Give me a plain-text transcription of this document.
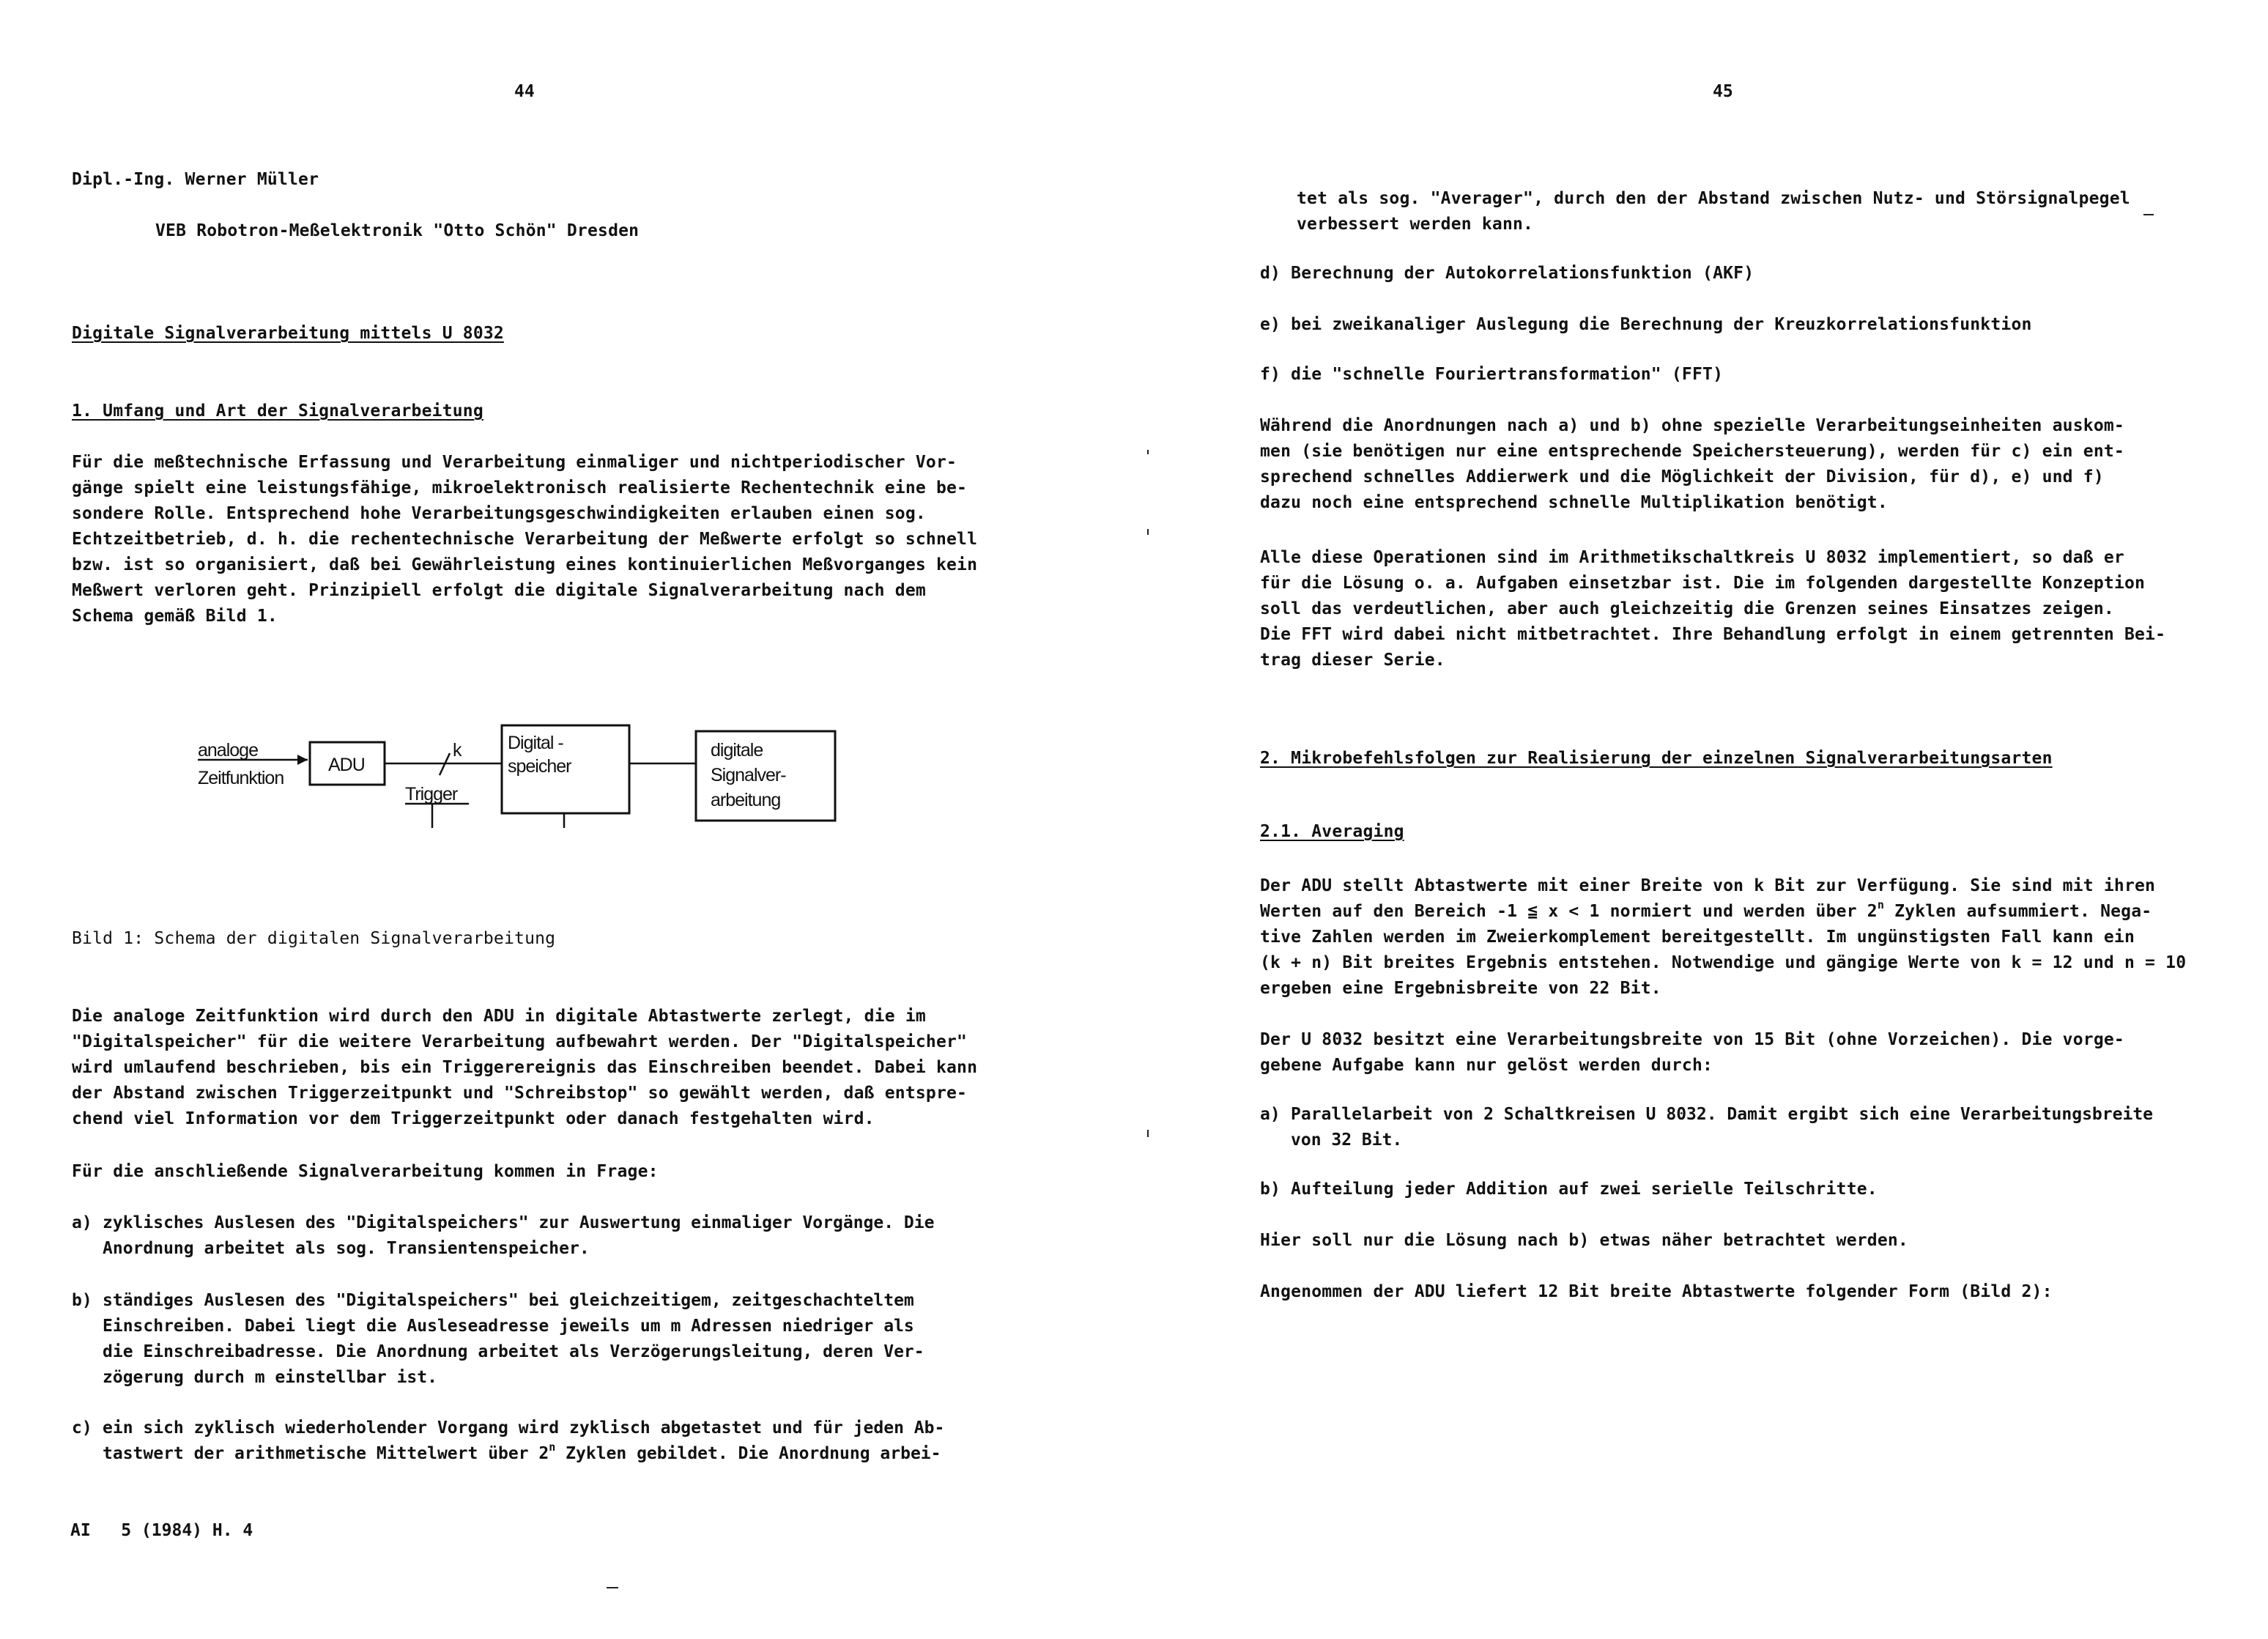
44
Dipl.-Ing. Werner Müller
VEB Robotron-Meßelektronik "Otto Schön" Dresden
Digitale Signalverarbeitung mittels U 8032
1. Umfang und Art der Signalverarbeitung
Für die meßtechnische Erfassung und Verarbeitung einmaliger und nichtperiodischer Vor-
gänge spielt eine leistungsfähige, mikroelektronisch realisierte Rechentechnik eine be-
sondere Rolle. Entsprechend hohe Verarbeitungsgeschwindigkeiten erlauben einen sog.
Echtzeitbetrieb, d. h. die rechentechnische Verarbeitung der Meßwerte erfolgt so schnell
bzw. ist so organisiert, daß bei Gewährleistung eines kontinuierlichen Meßvorganges kein
Meßwert verloren geht. Prinzipiell erfolgt die digitale Signalverarbeitung nach dem
Schema gemäß Bild 1.
analoge
Zeitfunktion
ADU
k
Trigger
Digital -
speicher
digitale
Signalver-
arbeitung
Bild 1: Schema der digitalen Signalverarbeitung
Die analoge Zeitfunktion wird durch den ADU in digitale Abtastwerte zerlegt, die im
"Digitalspeicher" für die weitere Verarbeitung aufbewahrt werden. Der "Digitalspeicher"
wird umlaufend beschrieben, bis ein Triggerereignis das Einschreiben beendet. Dabei kann
der Abstand zwischen Triggerzeitpunkt und "Schreibstop" so gewählt werden, daß entspre-
chend viel Information vor dem Triggerzeitpunkt oder danach festgehalten wird.
Für die anschließende Signalverarbeitung kommen in Frage:
a) zyklisches Auslesen des "Digitalspeichers" zur Auswertung einmaliger Vorgänge. Die
Anordnung arbeitet als sog. Transientenspeicher.
b) ständiges Auslesen des "Digitalspeichers" bei gleichzeitigem, zeitgeschachteltem
Einschreiben. Dabei liegt die Ausleseadresse jeweils um m Adressen niedriger als
die Einschreibadresse. Die Anordnung arbeitet als Verzögerungsleitung, deren Ver-
zögerung durch m einstellbar ist.
c) ein sich zyklisch wiederholender Vorgang wird zyklisch abgetastet und für jeden Ab-
tastwert der arithmetische Mittelwert über 2$^n$ Zyklen gebildet. Die Anordnung arbei-
AI   5 (1984) H. 4
45
tet als sog. "Averager", durch den der Abstand zwischen Nutz- und Störsignalpegel
verbessert werden kann.
d) Berechnung der Autokorrelationsfunktion (AKF)
e) bei zweikanaliger Auslegung die Berechnung der Kreuzkorrelationsfunktion
f) die "schnelle Fouriertransformation" (FFT)
Während die Anordnungen nach a) und b) ohne spezielle Verarbeitungseinheiten auskom-
men (sie benötigen nur eine entsprechende Speichersteuerung), werden für c) ein ent-
sprechend schnelles Addierwerk und die Möglichkeit der Division, für d), e) und f)
dazu noch eine entsprechend schnelle Multiplikation benötigt.
Alle diese Operationen sind im Arithmetikschaltkreis U 8032 implementiert, so daß er
für die Lösung o. a. Aufgaben einsetzbar ist. Die im folgenden dargestellte Konzeption
soll das verdeutlichen, aber auch gleichzeitig die Grenzen seines Einsatzes zeigen.
Die FFT wird dabei nicht mitbetrachtet. Ihre Behandlung erfolgt in einem getrennten Bei-
trag dieser Serie.
2. Mikrobefehlsfolgen zur Realisierung der einzelnen Signalverarbeitungsarten
2.1. Averaging
Der ADU stellt Abtastwerte mit einer Breite von k Bit zur Verfügung. Sie sind mit ihren
Werten auf den Bereich -1 ≦ x < 1 normiert und werden über 2$^n$ Zyklen aufsummiert. Nega-
tive Zahlen werden im Zweierkomplement bereitgestellt. Im ungünstigsten Fall kann ein
(k + n) Bit breites Ergebnis entstehen. Notwendige und gängige Werte von k = 12 und n = 10
ergeben eine Ergebnisbreite von 22 Bit.
Der U 8032 besitzt eine Verarbeitungsbreite von 15 Bit (ohne Vorzeichen). Die vorge-
gebene Aufgabe kann nur gelöst werden durch:
a) Parallelarbeit von 2 Schaltkreisen U 8032. Damit ergibt sich eine Verarbeitungsbreite
von 32 Bit.
b) Aufteilung jeder Addition auf zwei serielle Teilschritte.
Hier soll nur die Lösung nach b) etwas näher betrachtet werden.
Angenommen der ADU liefert 12 Bit breite Abtastwerte folgender Form (Bild 2):
